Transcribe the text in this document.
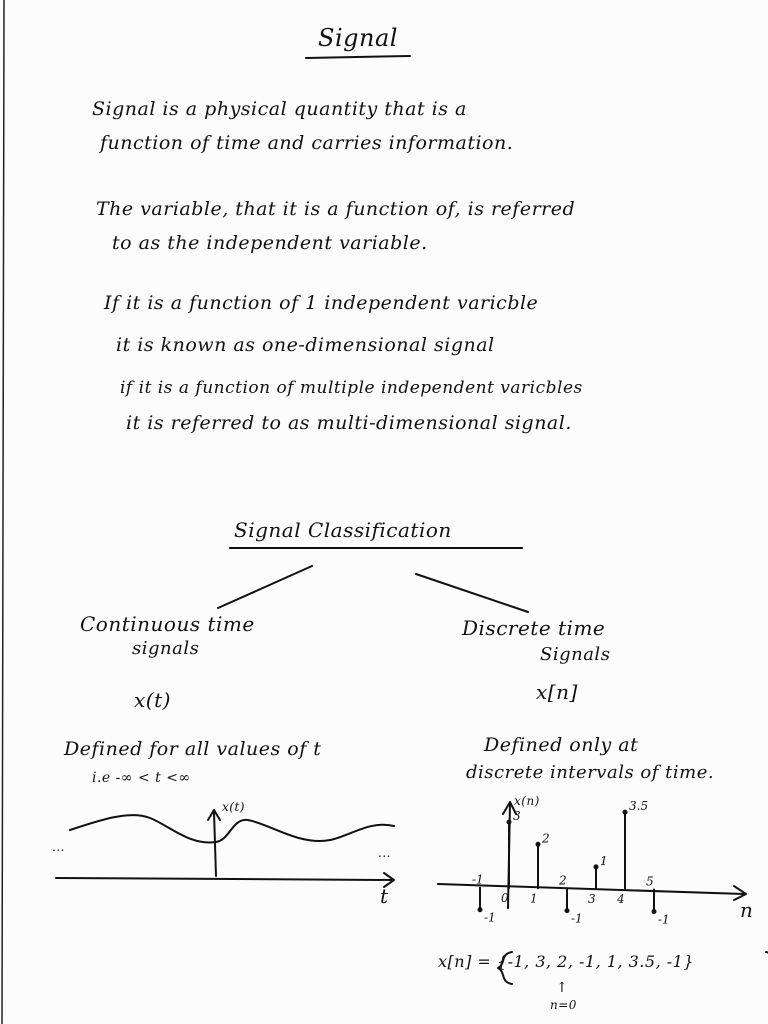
Signal
Signal is a physical quantity that is a
function of time and carries information.
The variable, that it is a function of, is referred
to as the independent variable.
If it is a function of 1 independent varicble
it is known as one-dimensional signal
if it is a function of multiple independent varicbles
it is referred to as multi-dimensional signal.
Signal Classification
Continuous time
signals
x(t)
Defined for all values of t
i.e -∞ < t <∞
Discrete time
Signals
x[n]
Defined only at
discrete intervals of time.
x(t)
t
...	...
x(n)
n
x[n] = {-1, 3, 2, -1, 1, 3.5, -1}
↑
n=0
-1
-1
3
0
2
1
-1
2
1
3
3.5
4
-1
5
